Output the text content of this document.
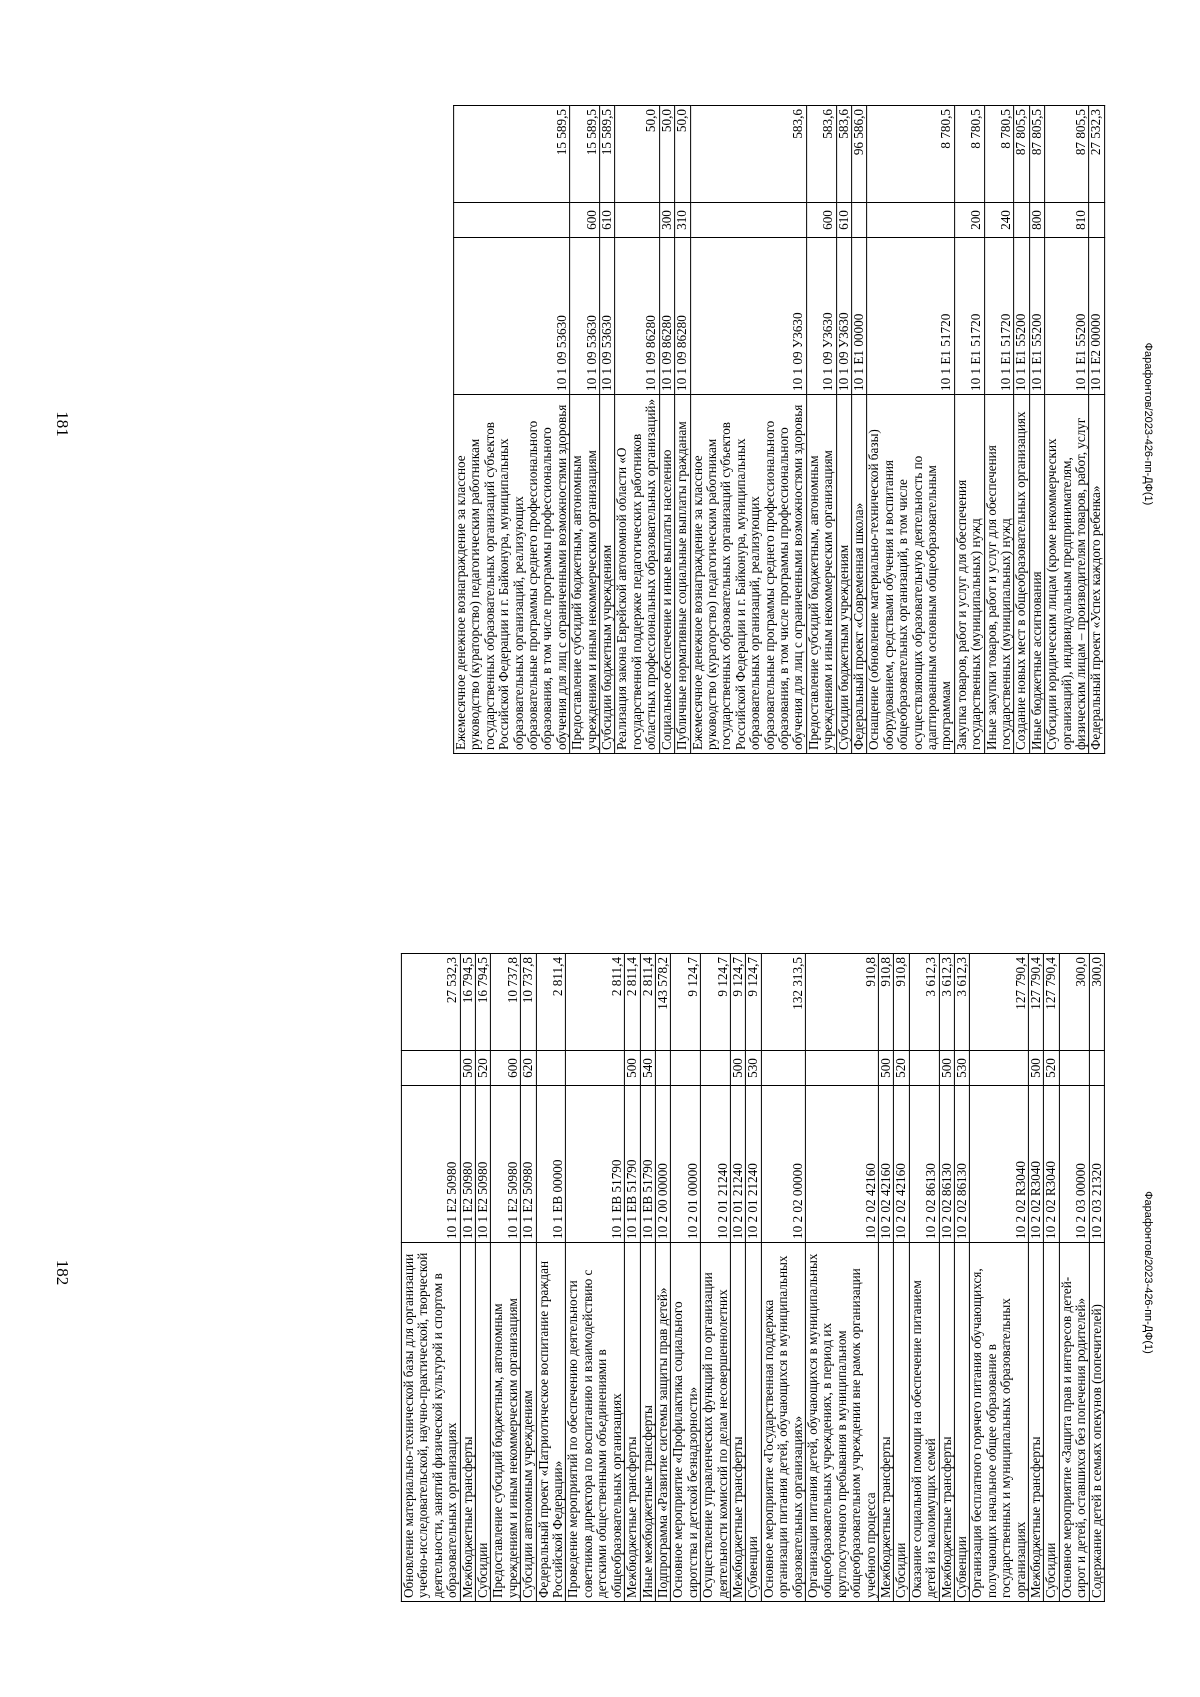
181
Ежемесячное денежное вознаграждение за классное руководство (кураторство) педагогическим работникам государственных образовательных организаций субъектов Российской Федерации и г. Байконура, муниципальных образовательных организаций, реализующих образовательные программы среднего профессионального образования, в том числе программы профессионального обучения для лиц с ограниченными возможностями здоровья	10 1 09 53630		15 589,5
Предоставление субсидий бюджетным, автономным учреждениям и иным некоммерческим организациям	10 1 09 53630	600	15 589,5
Субсидии бюджетным учреждениям	10 1 09 53630	610	15 589,5
Реализация закона Еврейской автономной области «О государственной поддержке педагогических работников областных профессиональных образовательных организаций»	10 1 09 86280		50,0
Социальное обеспечение и иные выплаты населению	10 1 09 86280	300	50,0
Публичные нормативные социальные выплаты гражданам	10 1 09 86280	310	50,0
Ежемесячное денежное вознаграждение за классное руководство (кураторство) педагогическим работникам государственных образовательных организаций субъектов Российской Федерации и г. Байконура, муниципальных образовательных организаций, реализующих образовательные программы среднего профессионального образования, в том числе программы профессионального обучения для лиц с ограниченными возможностями здоровья	10 1 09 У3630		583,6
Предоставление субсидий бюджетным, автономным учреждениям и иным некоммерческим организациям	10 1 09 У3630	600	583,6
Субсидии бюджетным учреждениям	10 1 09 У3630	610	583,6
Федеральный проект «Современная школа»	10 1 Е1 00000		96 586,0
Оснащение (обновление материально-технической базы) оборудованием, средствами обучения и воспитания общеобразовательных организаций, в том числе осуществляющих образовательную деятельность по адаптированным основным общеобразовательным программам	10 1 Е1 51720		8 780,5
Закупка товаров, работ и услуг для обеспечения государственных (муниципальных) нужд	10 1 Е1 51720	200	8 780,5
Иные закупки товаров, работ и услуг для обеспечения государственных (муниципальных) нужд	10 1 Е1 51720	240	8 780,5
Создание новых мест в общеобразовательных организациях	10 1 Е1 55200		87 805,5
Иные бюджетные ассигнования	10 1 Е1 55200	800	87 805,5
Субсидии юридическим лицам (кроме некоммерческих организаций), индивидуальным предпринимателям, физическим лицам – производителям товаров, работ, услуг	10 1 Е1 55200	810	87 805,5
Федеральный проект «Успех каждого ребенка»	10 1 Е2 00000		27 532,3
Фарафонтов/2023-426-пп-ДФ(1)
182	Обновление материально-технической базы для организации учебно-исследовательской, научно-практической, творческой деятельности, занятий физической культурой и спортом в образовательных организациях	10 1 Е2 50980		27 532,3
Межбюджетные трансферты	10 1 Е2 50980	500	16 794,5
Субсидии	10 1 Е2 50980	520	16 794,5
Предоставление субсидий бюджетным, автономным учреждениям и иным некоммерческим организациям	10 1 Е2 50980	600	10 737,8
Субсидии автономным учреждениям	10 1 Е2 50980	620	10 737,8
Федеральный проект «Патриотическое воспитание граждан Российской Федерации»	10 1 ЕВ 00000		2 811,4
Проведение мероприятий по обеспечению деятельности советников директора по воспитанию и взаимодействию с детскими общественными объединениями в общеобразовательных организациях	10 1 ЕВ 51790		2 811,4
Межбюджетные трансферты	10 1 ЕВ 51790	500	2 811,4
Иные межбюджетные трансферты	10 1 ЕВ 51790	540	2 811,4
Подпрограмма «Развитие системы защиты прав детей»	10 2 00 00000		143 578,2
Основное мероприятие «Профилактика социального сиротства и детской безнадзорности»	10 2 01 00000		9 124,7
Осуществление управленческих функций по организации деятельности комиссий по делам несовершеннолетних	10 2 01 21240		9 124,7
Межбюджетные трансферты	10 2 01 21240	500	9 124,7
Субвенции	10 2 01 21240	530	9 124,7
Основное мероприятие «Государственная поддержка организации питания детей, обучающихся в муниципальных образовательных организациях»	10 2 02 00000		132 313,5
Организация питания детей, обучающихся в муниципальных общеобразовательных учреждениях, в период их круглосуточного пребывания в муниципальном общеобразовательном учреждении вне рамок организации учебного процесса	10 2 02 42160		910,8
Межбюджетные трансферты	10 2 02 42160	500	910,8
Субсидии	10 2 02 42160	520	910,8
Оказание социальной помощи на обеспечение питанием детей из малоимущих семей	10 2 02 86130		3 612,3
Межбюджетные трансферты	10 2 02 86130	500	3 612,3
Субвенции	10 2 02 86130	530	3 612,3
Организация бесплатного горячего питания обучающихся, получающих начальное общее образование в государственных и муниципальных образовательных организациях	10 2 02 R3040		127 790,4
Межбюджетные трансферты	10 2 02 R3040	500	127 790,4
Субсидии	10 2 02 R3040	520	127 790,4
Основное мероприятие «Защита прав и интересов детей-сирот и детей, оставшихся без попечения родителей»	10 2 03 00000		300,0
Содержание детей в семьях опекунов (попечителей)	10 2 03 21320		300,0
Фарафонтов/2023-426-пп-ДФ(1)
